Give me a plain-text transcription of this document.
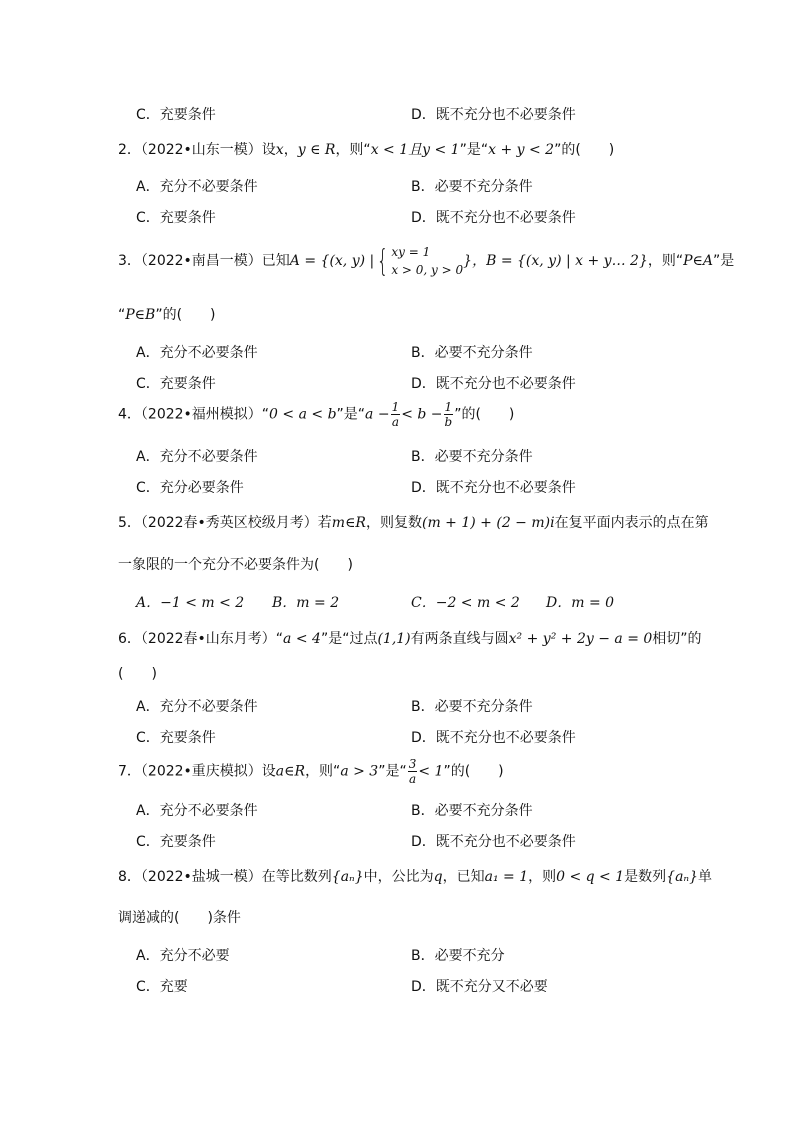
C．充要条件	D．既不充分也不必要条件
2．（2022•山东一模）设x，y ∈ R，则“x < 1且y < 1”是“x + y < 2”的(　　)
A．充分不必要条件	B．必要不充分条件
C．充要条件	D．既不充分也不必要条件
3．（2022•南昌一模）已知A = {(x, y) |{ xy = 1
x > 0, y > 0
}，B = {(x, y) | x + y… 2}，则“P∈A”是
“P∈B”的(　　)
A．充分不必要条件	B．必要不充分条件
C．充要条件	D．既不充分也不必要条件
4．（2022•福州模拟）“0 < a < b”是“$a - \frac{1}{a} < b - \frac{1}{b}$ ”的(　　)
A．充分不必要条件	B．必要不充分条件
C．充分必要条件	D．既不充分也不必要条件
5．（2022春•秀英区校级月考）若m∈R，则复数(m + 1) + (2 − m)i在复平面内表示的点在第
一象限的一个充分不必要条件为(　　)
A．−1 < m < 2 B．m = 2	C．−2 < m < 2 D．m = 0
6．（2022春•山东月考）“a < 4”是“过点(1,1)有两条直线与圆x² + y² + 2y − a = 0相切”的
(　　)
A．充分不必要条件	B．必要不充分条件
C．充要条件	D．既不充分也不必要条件
7．（2022•重庆模拟）设a∈R，则“a > 3”是“ $\frac{3}{a} < 1$”的(　　)
A．充分不必要条件	B．必要不充分条件
C．充要条件	D．既不充分也不必要条件
8．（2022•盐城一模）在等比数列{aₙ}中，公比为q，已知a₁ = 1，则0 < q < 1是数列{aₙ}单
调递减的(　　)条件
A．充分不必要	B．必要不充分
C．充要	D．既不充分又不必要
